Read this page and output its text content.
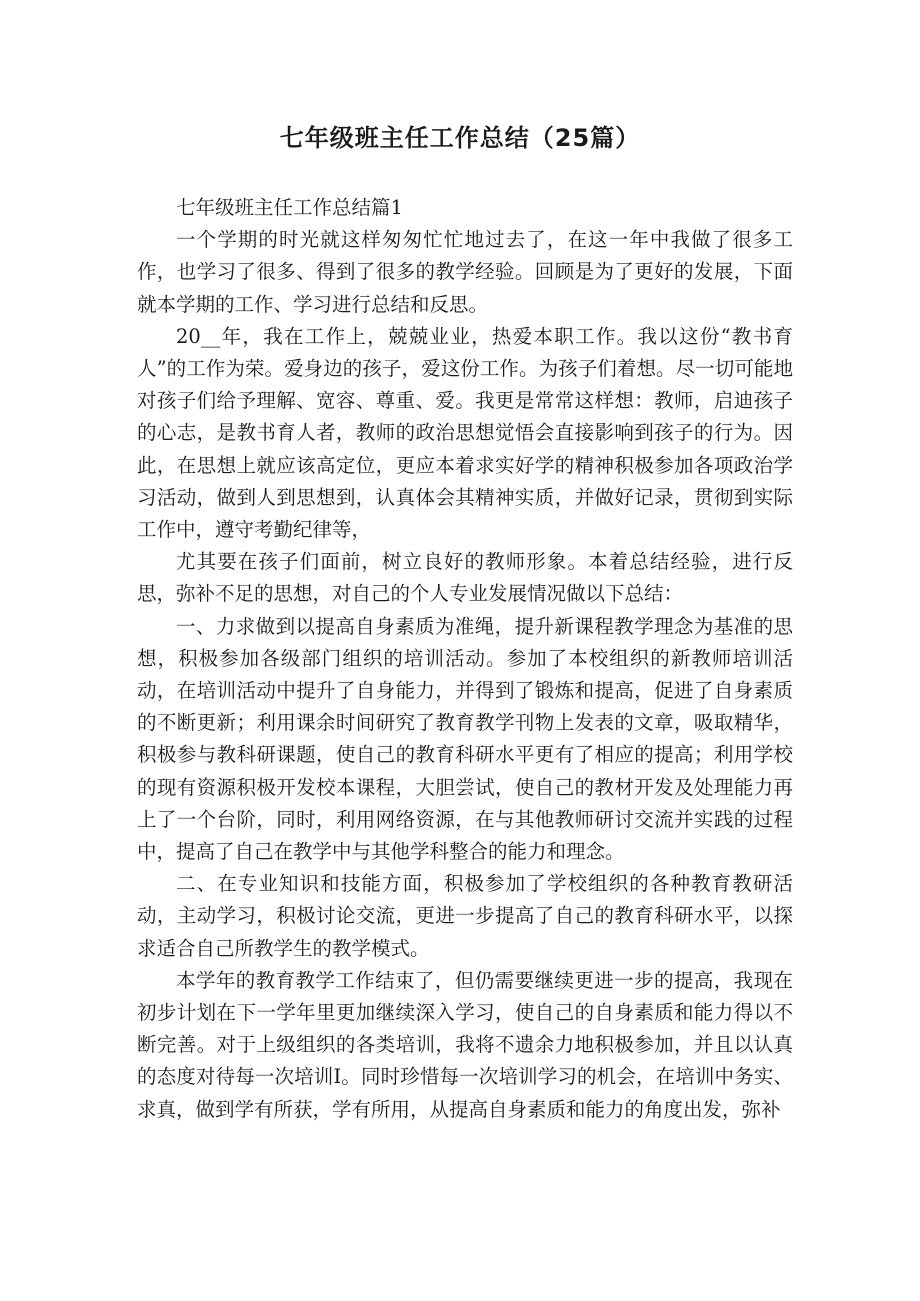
七年级班主任工作总结（25篇）

七年级班主任工作总结篇1

一个学期的时光就这样匆匆忙忙地过去了，在这一年中我做了很多工作，也学习了很多、得到了很多的教学经验。回顾是为了更好的发展，下面就本学期的工作、学习进行总结和反思。

20__年，我在工作上，兢兢业业，热爱本职工作。我以这份“教书育人”的工作为荣。爱身边的孩子，爱这份工作。为孩子们着想。尽一切可能地对孩子们给予理解、宽容、尊重、爱。我更是常常这样想：教师，启迪孩子的心志，是教书育人者，教师的政治思想觉悟会直接影响到孩子的行为。因此，在思想上就应该高定位，更应本着求实好学的精神积极参加各项政治学习活动，做到人到思想到，认真体会其精神实质，并做好记录，贯彻到实际工作中，遵守考勤纪律等，

尤其要在孩子们面前，树立良好的教师形象。本着总结经验，进行反思，弥补不足的思想，对自己的个人专业发展情况做以下总结：

一、力求做到以提高自身素质为准绳，提升新课程教学理念为基准的思想，积极参加各级部门组织的培训活动。参加了本校组织的新教师培训活动，在培训活动中提升了自身能力，并得到了锻炼和提高，促进了自身素质的不断更新；利用课余时间研究了教育教学刊物上发表的文章，吸取精华，积极参与教科研课题，使自己的教育科研水平更有了相应的提高；利用学校的现有资源积极开发校本课程，大胆尝试，使自己的教材开发及处理能力再上了一个台阶，同时，利用网络资源，在与其他教师研讨交流并实践的过程中，提高了自己在教学中与其他学科整合的能力和理念。

二、在专业知识和技能方面，积极参加了学校组织的各种教育教研活动，主动学习，积极讨论交流，更进一步提高了自己的教育科研水平，以探求适合自己所教学生的教学模式。

本学年的教育教学工作结束了，但仍需要继续更进一步的提高，我现在初步计划在下一学年里更加继续深入学习，使自己的自身素质和能力得以不断完善。对于上级组织的各类培训，我将不遗余力地积极参加，并且以认真的态度对待每一次培训I。同时珍惜每一次培训学习的机会，在培训中务实、求真，做到学有所获，学有所用，从提高自身素质和能力的角度出发，弥补
